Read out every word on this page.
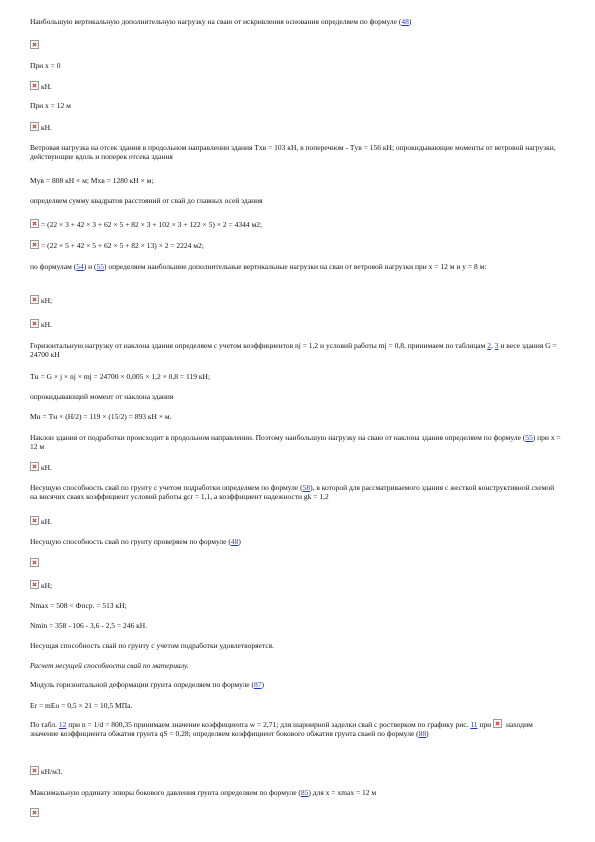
Наибольшую вертикальную дополнительную нагрузку на сваю от искривления основания определяем по формуле (48)
При x = 0
кН.
При x = 12 м
кН.
Ветровая нагрузка на отсек здания в продольном направлении здания Тxв = 103 кН, в поперечном - Тyв = 156 кН; опрокидывающие моменты от ветровой нагрузки, действующие вдоль и поперек отсека здания
Myв = 808 кН × м; Mxв = 1280 кН × м;
определяем сумму квадратов расстояний от свай до главных осей здания
= (22 × 3 + 42 × 3 + 62 × 5 + 82 × 3 + 102 × 3 + 122 × 5) × 2 = 4344 м2;
= (22 × 5 + 42 × 5 + 62 × 5 + 82 × 13) × 2 = 2224 м2;
по формулам (54) и (55) определяем наибольшие дополнительные вертикальные нагрузки на сваи от ветровой нагрузки при x = 12 м и y = 8 м:
кН;
кН.
Горизонтальную нагрузку от наклона здания определяем с учетом коэффициентов nj = 1,2 и условий работы mj = 0,8, принимаем по таблицам 2, 3 и весе здания G = 24700 кН
Tн = G × j × nj × mj = 24700 × 0,005 × 1,2 × 0,8 = 119 кН;
опрокидывающий момент от наклона здания
Mн = Tн × (H/2) = 119 × (15/2) = 893 кН × м.
Наклон здания от подработки происходит в продольном направлении. Поэтому наибольшую нагрузку на сваю от наклона здания определяем по формуле (55) при x = 12 м
кН.
Несущую способность свай по грунту с учетом подработки определяем по формуле (58), в которой для рассматриваемого здания с жесткой конструктивной схемой на висячих сваях коэффициент условий работы gcr = 1,1, а коэффициент надежности gk = 1,2
кН.
Несущую способность свай по грунту проверяем по формуле (48)
кН;
Nmax = 508 < Фпcр. = 513 кН;
Nmin = 358 - 106 - 3,6 - 2,5 = 246 кН.
Несущая способность свай по грунту с учетом подработки удовлетворяется.
Расчет несущей способности свай по материалу.
Модуль горизонтальной деформации грунта определяем по формуле (87)
Er = mEo = 0,5 × 21 = 10,5 МПа.
По табл. 12 при n = 1/d = 800,35 принимаем значение коэффициента w = 2,71; для шарнирной заделки свай с ростверком по графику рис. 11 при  находим значение коэффициента обжатия грунта qS = 0,28; определяем коэффициент бокового обжатия грунта сваей по формуле (88)
кН/м3.
Максимальную ординату эпюры бокового давления грунта определяем по формуле (85) для x = xmax = 12 м
